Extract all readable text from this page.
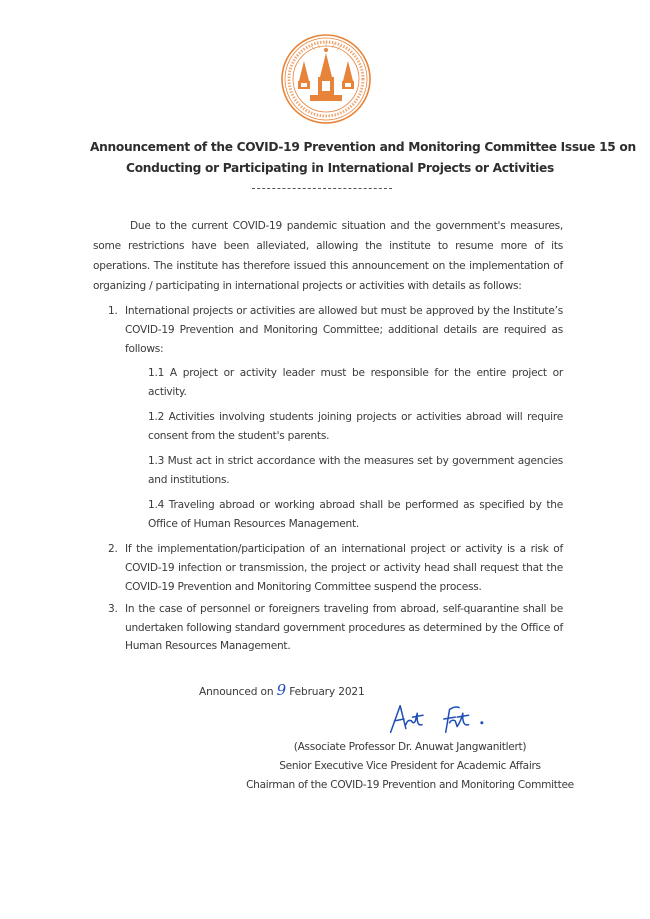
Announcement of the COVID-19 Prevention and Monitoring Committee Issue 15 on
Conducting or Participating in International Projects or Activities

Due to the current COVID-19 pandemic situation and the government's measures, some restrictions have been alleviated, allowing the institute to resume more of its operations. The institute has therefore issued this announcement on the implementation of organizing / participating in international projects or activities with details as follows:

1. International projects or activities are allowed but must be approved by the Institute’s COVID-19 Prevention and Monitoring Committee; additional details are required as follows:

1.1 A project or activity leader must be responsible for the entire project or activity.

1.2 Activities involving students joining projects or activities abroad will require consent from the student's parents.

1.3 Must act in strict accordance with the measures set by government agencies and institutions.

1.4 Traveling abroad or working abroad shall be performed as specified by the Office of Human Resources Management.

2. If the implementation/participation of an international project or activity is a risk of COVID-19 infection or transmission, the project or activity head shall request that the COVID-19 Prevention and Monitoring Committee suspend the process.
3. In the case of personnel or foreigners traveling from abroad, self-quarantine shall be undertaken following standard government procedures as determined by the Office of Human Resources Management.
Announced on 9 February 2021
(Associate Professor Dr. Anuwat Jangwanitlert)
Senior Executive Vice President for Academic Affairs
Chairman of the COVID-19 Prevention and Monitoring Committee
